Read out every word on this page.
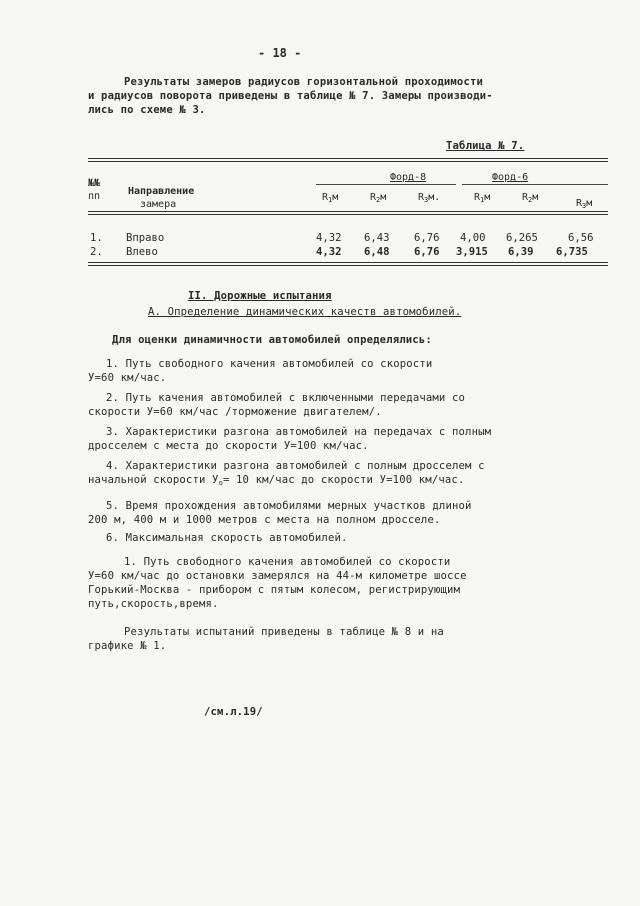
- 18 -
Результаты замеров радиусов горизонтальной проходимости
и радиусов поворота приведены в таблице № 7. Замеры производи-
лись по схеме № 3.
Таблица № 7.
№№
пп	Направление
замера
Форд-8	Форд-6
$R_1м$	$R_2м$	$R_3м$.	$R_1м$	$R_2м$
$R_3м$
1. Вправо	4,32 6,43 6,76 4,00 6,265	6,56
2. Влево	4,32 6,48 6,76 3,915 6,39 6,735
II. Дорожные испытания
А. Определение динамических качеств автомобилей.
Для оценки динамичности автомобилей определялись:
1. Путь свободного качения автомобилей со скорости
У=60 км/час.
2. Путь качения автомобилей с включенными передачами со
скорости У=60 км/час /торможение двигателем/.
3. Характеристики разгона автомобилей на передачах с полным
дросселем с места до скорости У=100 км/час.
4. Характеристики разгона автомобилей с полным дросселем с
начальной скорости $У_о= 10$ км/час до скорости У=100 км/час.
5. Время прохождения автомобилями мерных участков длиной
200 м, 400 м и 1000 метров с места на полном дросселе.
6. Максимальная скорость автомобилей.
1. Путь свободного качения автомобилей со скорости
У=60 км/час до остановки замерялся на 44-м километре шоссе
Горький-Москва - прибором с пятым колесом, регистрирующим
путь,скорость,время.
Результаты испытаний приведены в таблице № 8 и на
графике № 1.
/см.л.19/
